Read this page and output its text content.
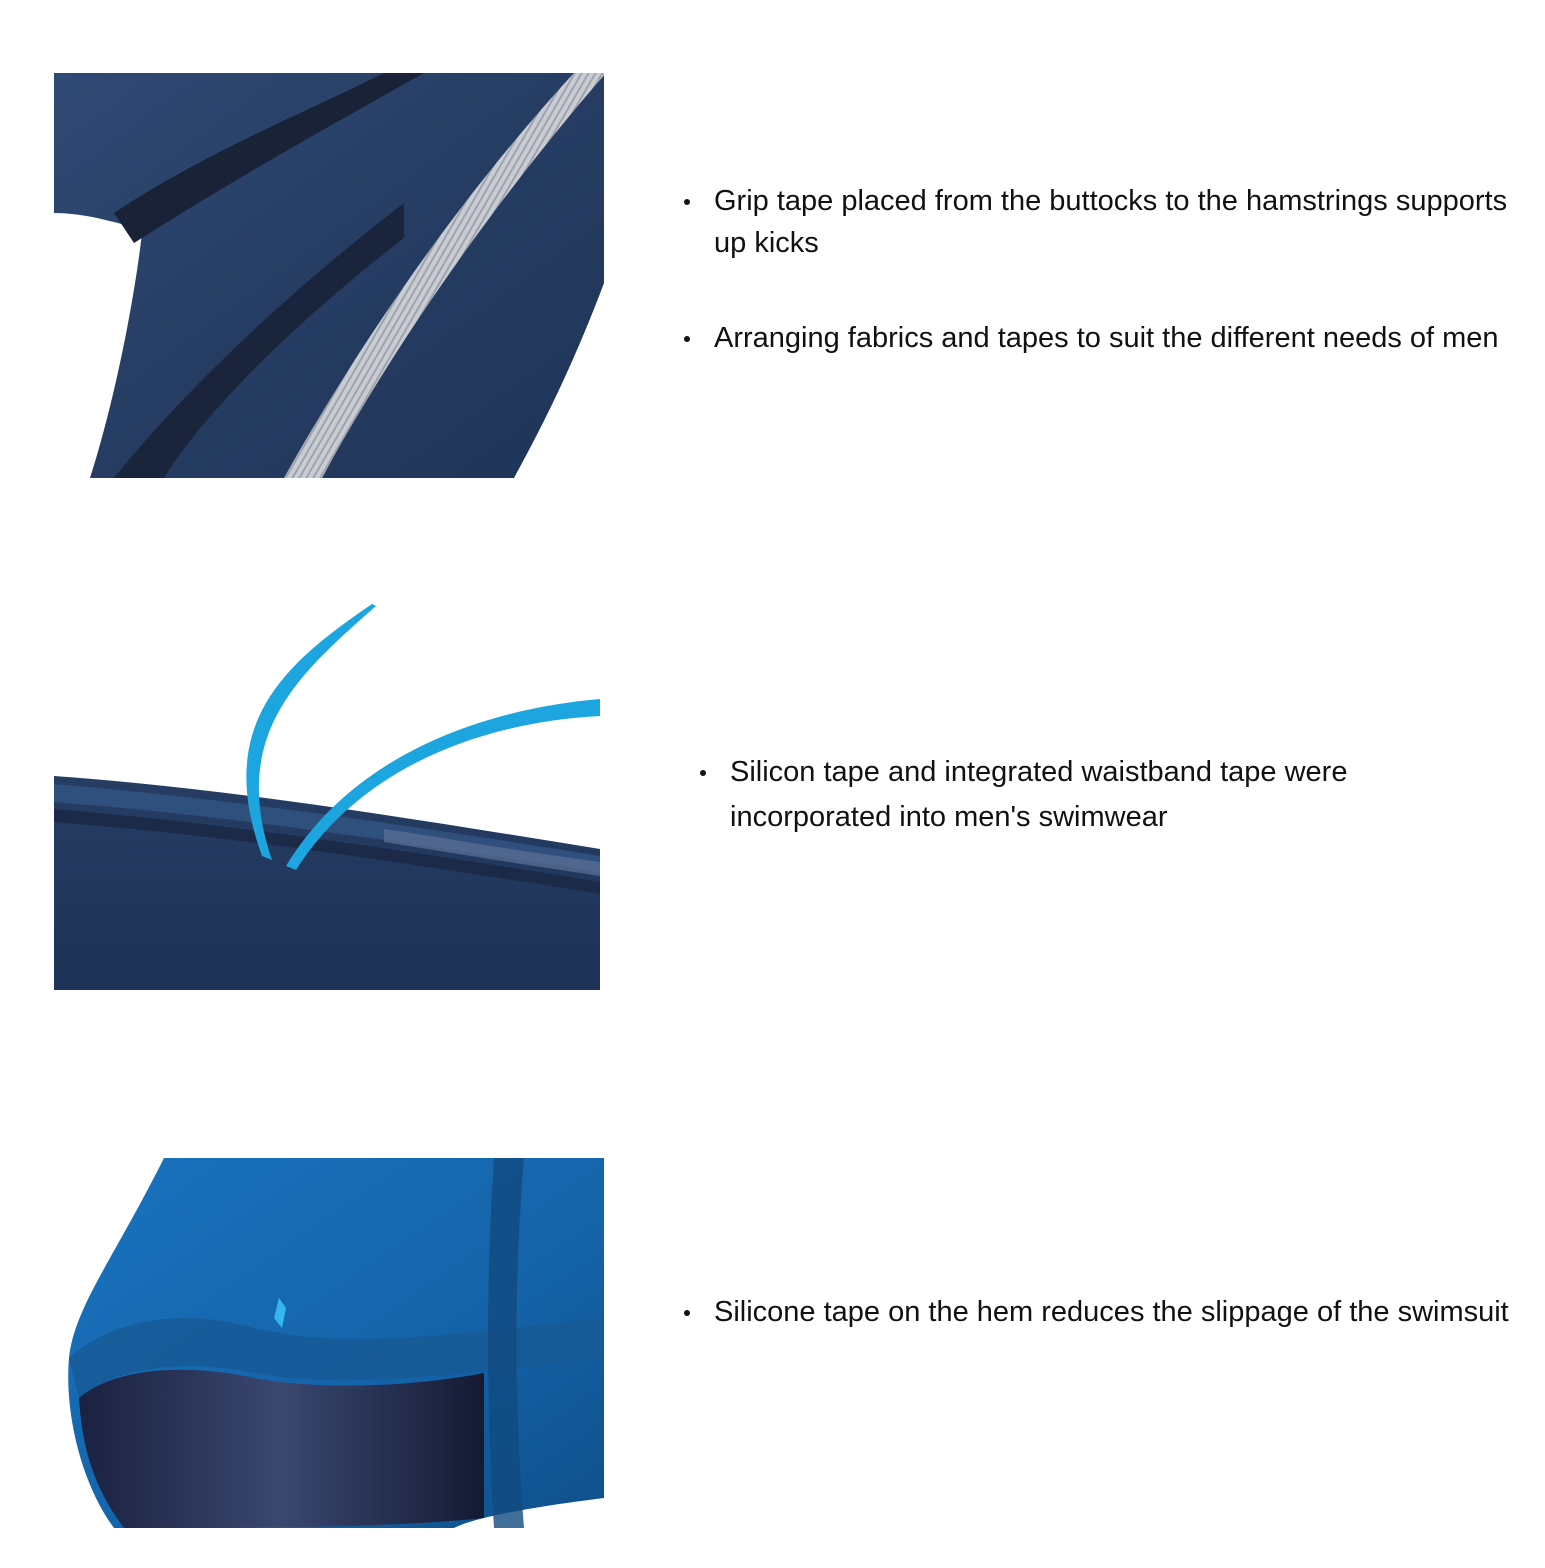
Grip tape placed from the buttocks to the hamstrings supports up kicks
Arranging fabrics and tapes to suit the different needs of men
Silicon tape and integrated waistband tape were incorporated into men's swimwear
Silicone tape on the hem reduces the slippage of the swimsuit
